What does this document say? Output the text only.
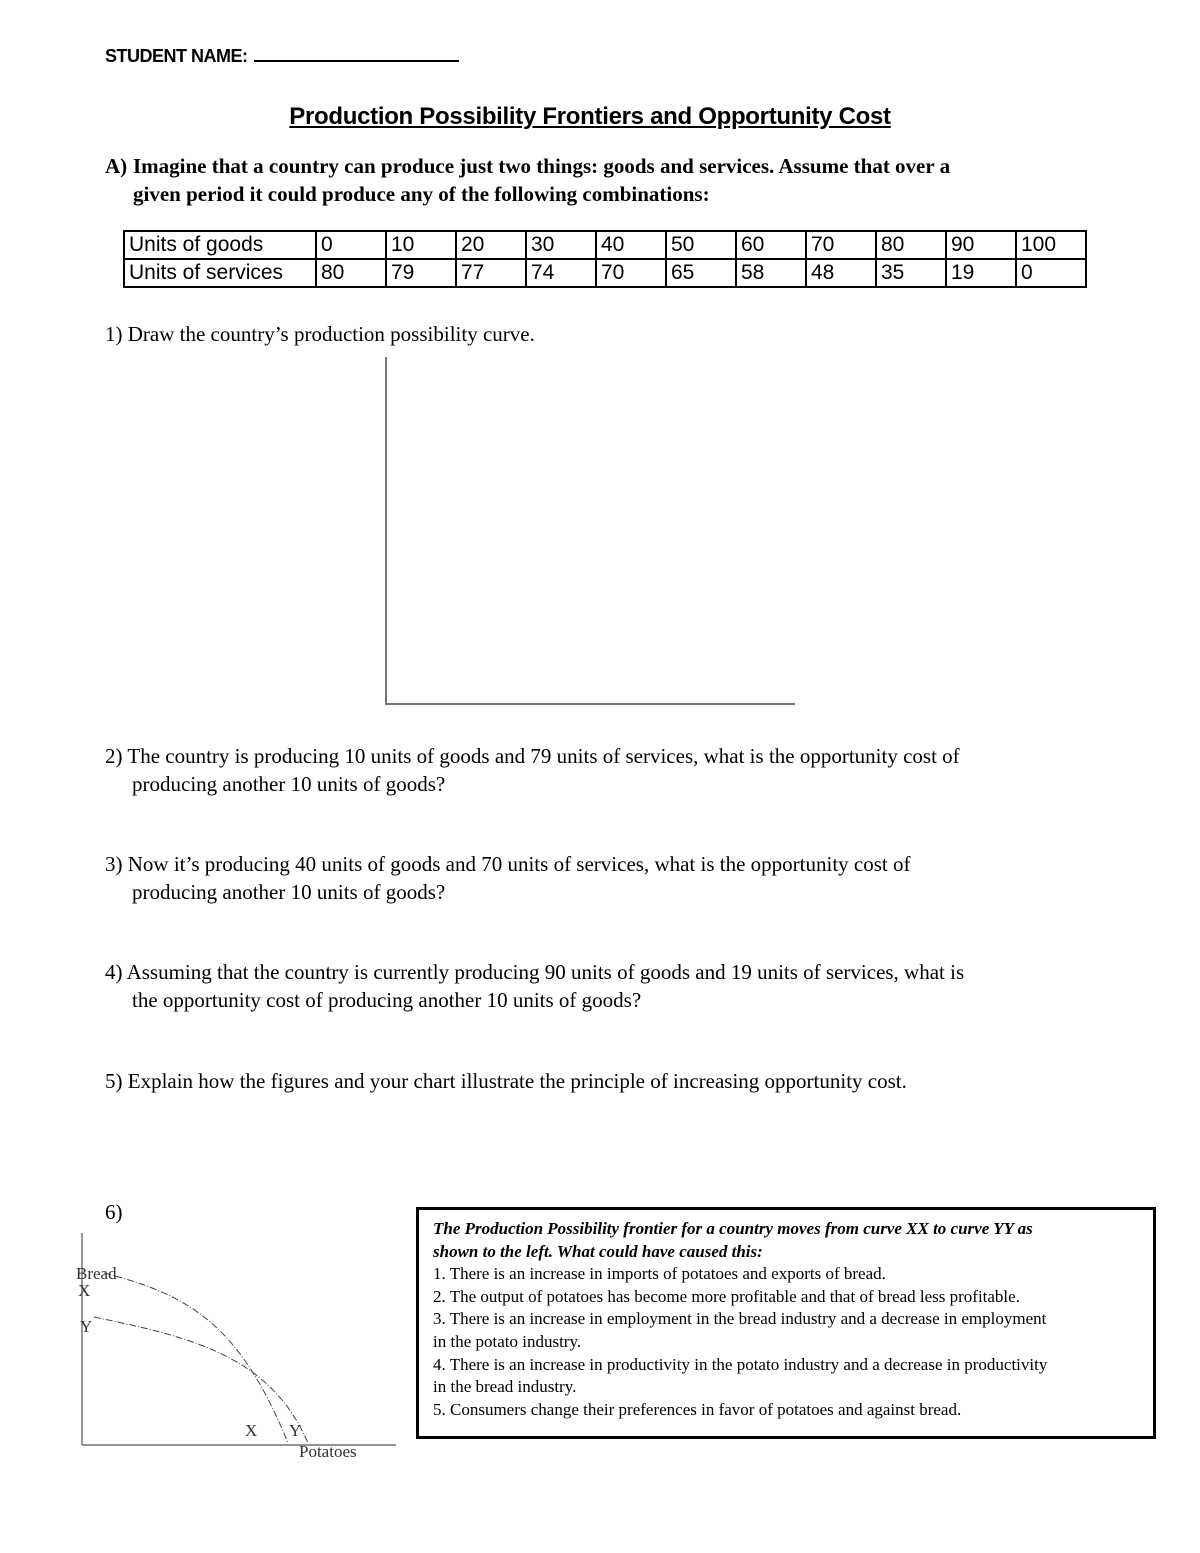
STUDENT NAME:
Production Possibility Frontiers and Opportunity Cost
A) Imagine that a country can produce just two things: goods and services. Assume that over a
given period it could produce any of the following combinations:
Units of goods	0	10	20	30	40	50	60	70	80	90	100
Units of services	80	79	77	74	70	65	58	48	35	19	0
1) Draw the country’s production possibility curve.
2) The country is producing 10 units of goods and 79 units of services, what is the opportunity cost of
producing another 10 units of goods?
3) Now it’s producing 40 units of goods and 70 units of services, what is the opportunity cost of
producing another 10 units of goods?
4) Assuming that the country is currently producing 90 units of goods and 19 units of services, what is
the opportunity cost of producing another 10 units of goods?
5) Explain how the figures and your chart illustrate the principle of increasing opportunity cost.
6)
Bread
X
Y
X Y
Potatoes
The Production Possibility frontier for a country moves from curve XX to curve YY as
shown to the left. What could have caused this:
1. There is an increase in imports of potatoes and exports of bread.
2. The output of potatoes has become more profitable and that of bread less profitable.
3. There is an increase in employment in the bread industry and a decrease in employment
in the potato industry.
4. There is an increase in productivity in the potato industry and a decrease in productivity
in the bread industry.
5. Consumers change their preferences in favor of potatoes and against bread.
